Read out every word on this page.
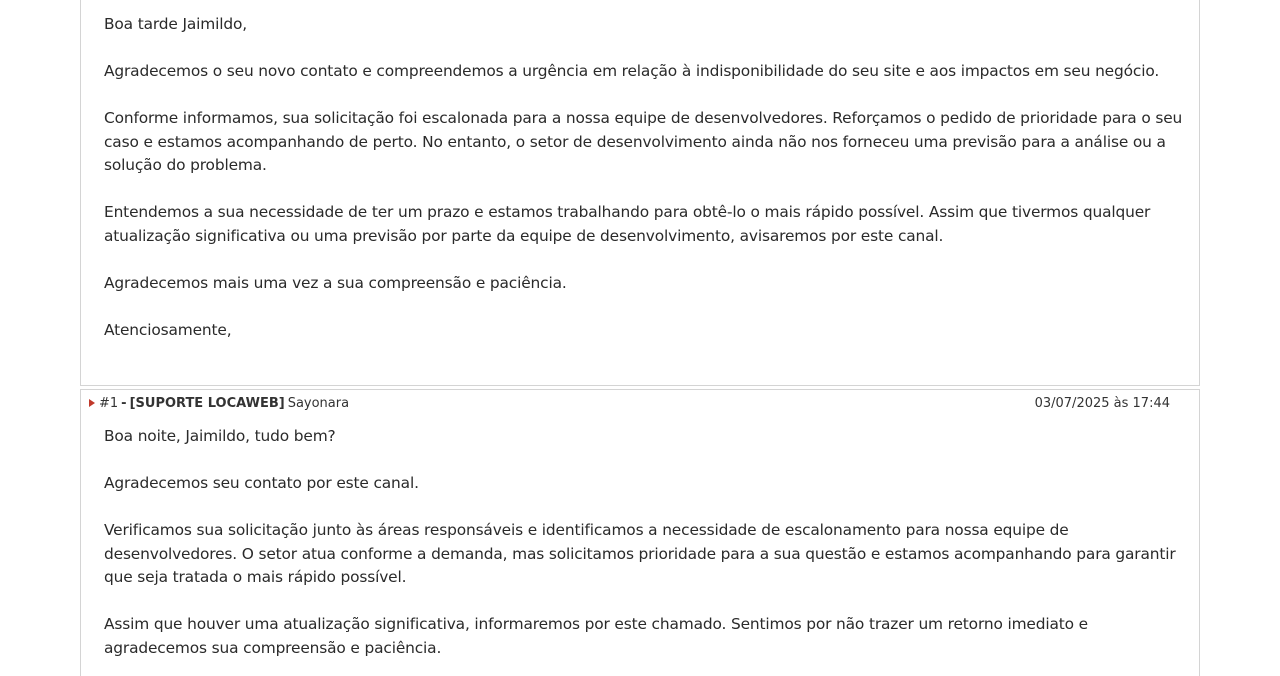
Boa tarde Jaimildo,

Agradecemos o seu novo contato e compreendemos a urgência em relação à indisponibilidade do seu site e aos impactos em seu negócio.

Conforme informamos, sua solicitação foi escalonada para a nossa equipe de desenvolvedores. Reforçamos o pedido de prioridade para o seu caso e estamos acompanhando de perto. No entanto, o setor de desenvolvimento ainda não nos forneceu uma previsão para a análise ou a solução do problema.

Entendemos a sua necessidade de ter um prazo e estamos trabalhando para obtê-lo o mais rápido possível. Assim que tivermos qualquer atualização significativa ou uma previsão por parte da equipe de desenvolvimento, avisaremos por este canal.

Agradecemos mais uma vez a sua compreensão e paciência.

Atenciosamente,

#1 - [SUPORTE LOCAWEB] Sayonara	03/07/2025 às 17:44

Boa noite, Jaimildo, tudo bem?

Agradecemos seu contato por este canal.

Verificamos sua solicitação junto às áreas responsáveis e identificamos a necessidade de escalonamento para nossa equipe de desenvolvedores. O setor atua conforme a demanda, mas solicitamos prioridade para a sua questão e estamos acompanhando para garantir que seja tratada o mais rápido possível.

Assim que houver uma atualização significativa, informaremos por este chamado. Sentimos por não trazer um retorno imediato e agradecemos sua compreensão e paciência.
